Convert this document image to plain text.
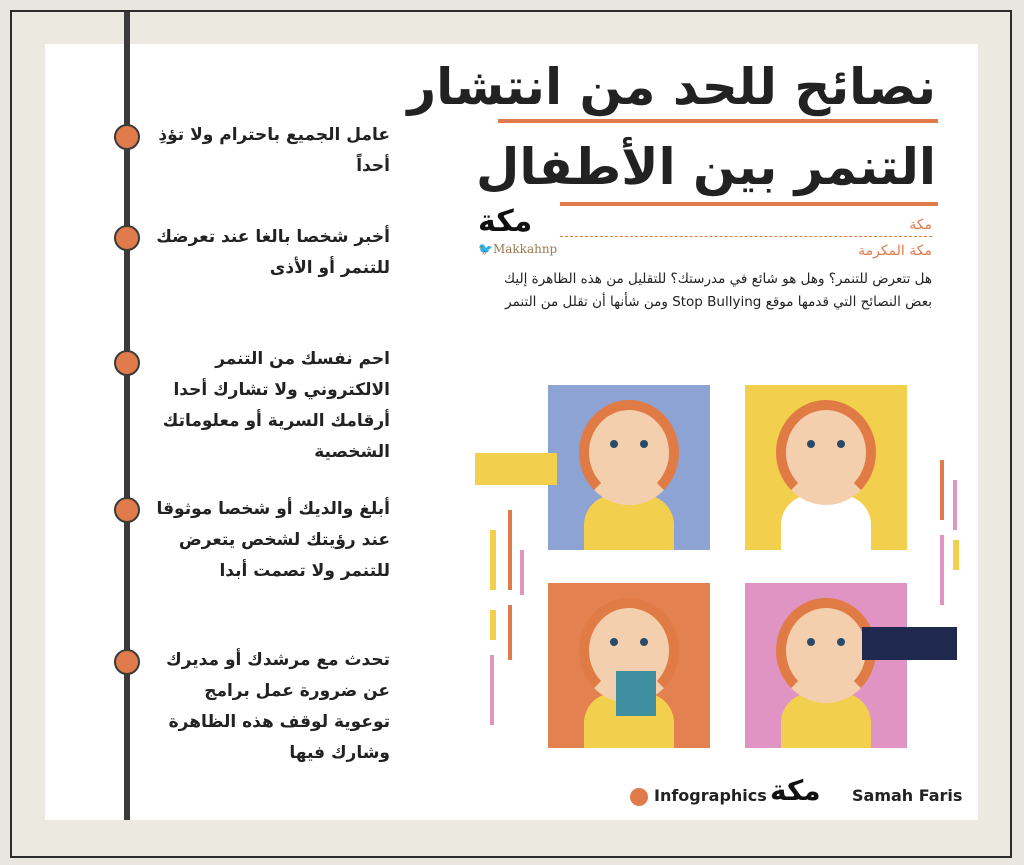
عامل الجميع باحترام ولا تؤذِ أحداً
أخبر شخصا بالغا عند تعرضك للتنمر أو الأذى
احم نفسك من التنمر الالكتروني ولا تشارك أحدا أرقامك السرية أو معلوماتك الشخصية
أبلغ والديك أو شخصا موثوقا عند رؤيتك لشخص يتعرض للتنمر ولا تصمت أبدا
تحدث مع مرشدك أو مديرك عن ضرورة عمل برامج توعوية لوقف هذه الظاهرة وشارك فيها
نصائح للحد من انتشار
التنمر بين الأطفال
مكة
🐦Makkahnp
مكة
مكة المكرمة
هل تتعرض للتنمر؟ وهل هو شائع في مدرستك؟ للتقليل من هذه الظاهرة إليك بعض النصائح التي قدمها موقع Stop Bullying ومن شأنها أن تقلل من التنمر
Infographics مكة Samah Faris
